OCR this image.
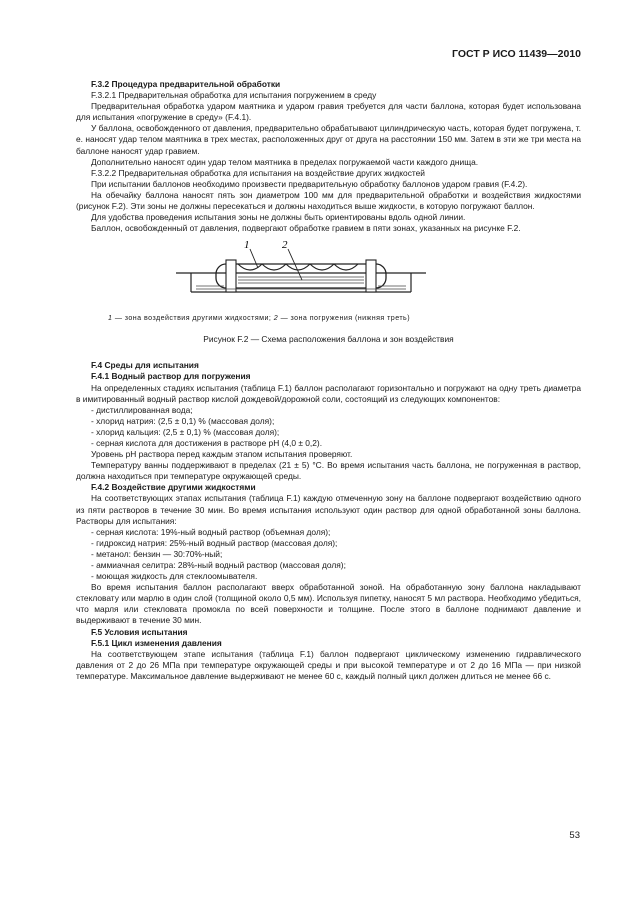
ГОСТ Р ИСО 11439—2010

F.3.2 Процедура предварительной обработки

F.3.2.1 Предварительная обработка для испытания погружением в среду

Предварительная обработка ударом маятника и ударом гравия требуется для части баллона, которая будет использована для испытания «погружение в среду» (F.4.1).

У баллона, освобожденного от давления, предварительно обрабатывают цилиндрическую часть, которая будет погружена, т. е. наносят удар телом маятника в трех местах, расположенных друг от друга на расстоянии 150 мм. Затем в эти же три места на баллоне наносят удар гравием.

Дополнительно наносят один удар телом маятника в пределах погружаемой части каждого днища.

F.3.2.2 Предварительная обработка для испытания на воздействие других жидкостей

При испытании баллонов необходимо произвести предварительную обработку баллонов ударом гравия (F.4.2).

На обечайку баллона наносят пять зон диаметром 100 мм для предварительной обработки и воздействия жидкостями (рисунок F.2). Эти зоны не должны пересекаться и должны находиться выше жидкости, в которую погружают баллон.

Для удобства проведения испытания зоны не должны быть ориентированы вдоль одной линии.

Баллон, освобожденный от давления, подвергают обработке гравием в пяти зонах, указанных на рисунке F.2.

1	2
1 — зона воздействия другими жидкостями; 2 — зона погружения (нижняя треть)
Рисунок F.2 — Схема расположения баллона и зон воздействия

F.4 Среды для испытания

F.4.1 Водный раствор для погружения

На определенных стадиях испытания (таблица F.1) баллон располагают горизонтально и погружают на одну треть диаметра в имитированный водный раствор кислой дождевой/дорожной соли, состоящий из следующих компонентов:

- дистиллированная вода;

- хлорид натрия: (2,5 ± 0,1) % (массовая доля);

- хлорид кальция: (2,5 ± 0,1) % (массовая доля);

- серная кислота для достижения в растворе pH (4,0 ± 0,2).

Уровень pH раствора перед каждым этапом испытания проверяют.

Температуру ванны поддерживают в пределах (21 ± 5) °C. Во время испытания часть баллона, не погруженная в раствор, должна находиться при температуре окружающей среды.

F.4.2 Воздействие другими жидкостями

На соответствующих этапах испытания (таблица F.1) каждую отмеченную зону на баллоне подвергают воздействию одного из пяти растворов в течение 30 мин. Во время испытания используют один раствор для одной обработанной зоны баллона. Растворы для испытания:

- серная кислота: 19%-ный водный раствор (объемная доля);

- гидроксид натрия: 25%-ный водный раствор (массовая доля);

- метанол: бензин — 30:70%-ный;

- аммиачная селитра: 28%-ный водный раствор (массовая доля);

- моющая жидкость для стеклоомывателя.

Во время испытания баллон располагают вверх обработанной зоной. На обработанную зону баллона накладывают стекловату или марлю в один слой (толщиной около 0,5 мм). Используя пипетку, наносят 5 мл раствора. Необходимо убедиться, что марля или стекловата промокла по всей поверхности и толщине. После этого в баллоне поднимают давление и выдерживают в течение 30 мин.

F.5 Условия испытания

F.5.1 Цикл изменения давления

На соответствующем этапе испытания (таблица F.1) баллон подвергают циклическому изменению гидравлического давления от 2 до 26 МПа при температуре окружающей среды и при высокой температуре и от 2 до 16 МПа — при низкой температуре. Максимальное давление выдерживают не менее 60 с, каждый полный цикл должен длиться не менее 66 с.

53
